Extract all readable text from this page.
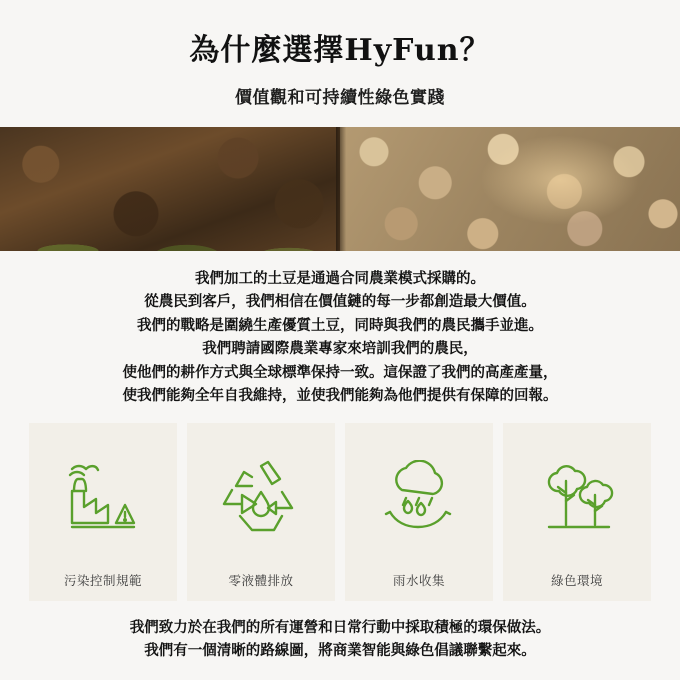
為什麼選擇HyFun？
價值觀和可持續性綠色實踐
我們加工的土豆是通過合同農業模式採購的。
從農民到客戶，我們相信在價值鏈的每一步都創造最大價值。
我們的戰略是圍繞生產優質土豆，同時與我們的農民攜手並進。
我們聘請國際農業專家來培訓我們的農民，
使他們的耕作方式與全球標準保持一致。這保證了我們的高產產量，
使我們能夠全年自我維持，並使我們能夠為他們提供有保障的回報。
污染控制規範	零液體排放	雨水收集	綠色環境
我們致力於在我們的所有運營和日常行動中採取積極的環保做法。
我們有一個清晰的路線圖，將商業智能與綠色倡議聯繫起來。
